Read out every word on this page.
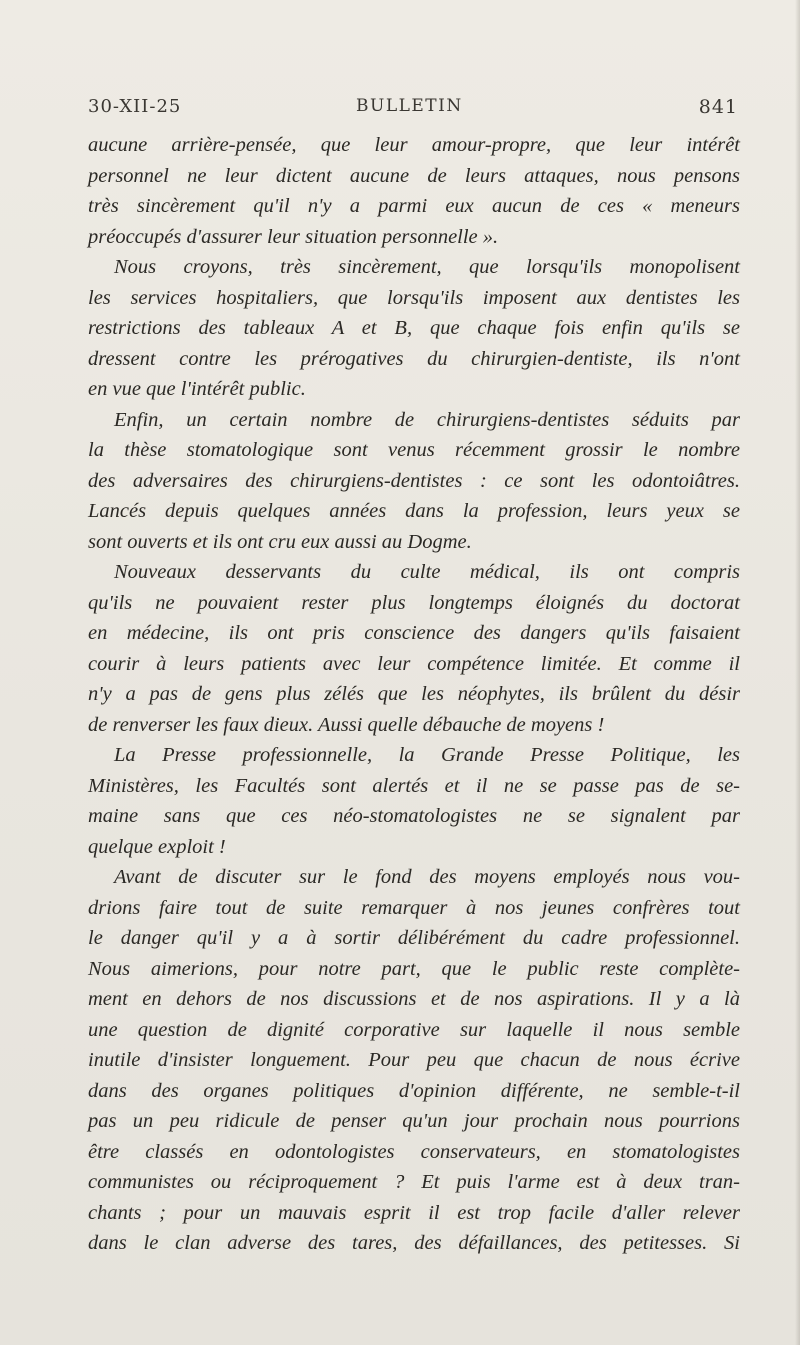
30-XII-25	BULLETIN	841
aucune arrière-pensée, que leur amour-propre, que leur intérêt
personnel ne leur dictent aucune de leurs attaques, nous pensons
très sincèrement qu'il n'y a parmi eux aucun de ces « meneurs
préoccupés d'assurer leur situation personnelle ».
Nous croyons, très sincèrement, que lorsqu'ils monopolisent
les services hospitaliers, que lorsqu'ils imposent aux dentistes les
restrictions des tableaux A et B, que chaque fois enfin qu'ils se
dressent contre les prérogatives du chirurgien-dentiste, ils n'ont
en vue que l'intérêt public.
Enfin, un certain nombre de chirurgiens-dentistes séduits par
la thèse stomatologique sont venus récemment grossir le nombre
des adversaires des chirurgiens-dentistes : ce sont les odontoiâtres.
Lancés depuis quelques années dans la profession, leurs yeux se
sont ouverts et ils ont cru eux aussi au Dogme.
Nouveaux desservants du culte médical, ils ont compris
qu'ils ne pouvaient rester plus longtemps éloignés du doctorat
en médecine, ils ont pris conscience des dangers qu'ils faisaient
courir à leurs patients avec leur compétence limitée. Et comme il
n'y a pas de gens plus zélés que les néophytes, ils brûlent du désir
de renverser les faux dieux. Aussi quelle débauche de moyens !
La Presse professionnelle, la Grande Presse Politique, les
Ministères, les Facultés sont alertés et il ne se passe pas de se-
maine sans que ces néo-stomatologistes ne se signalent par
quelque exploit !
Avant de discuter sur le fond des moyens employés nous vou-
drions faire tout de suite remarquer à nos jeunes confrères tout
le danger qu'il y a à sortir délibérément du cadre professionnel.
Nous aimerions, pour notre part, que le public reste complète-
ment en dehors de nos discussions et de nos aspirations. Il y a là
une question de dignité corporative sur laquelle il nous semble
inutile d'insister longuement. Pour peu que chacun de nous écrive
dans des organes politiques d'opinion différente, ne semble-t-il
pas un peu ridicule de penser qu'un jour prochain nous pourrions
être classés en odontologistes conservateurs, en stomatologistes
communistes ou réciproquement ? Et puis l'arme est à deux tran-
chants ; pour un mauvais esprit il est trop facile d'aller relever
dans le clan adverse des tares, des défaillances, des petitesses. Si
